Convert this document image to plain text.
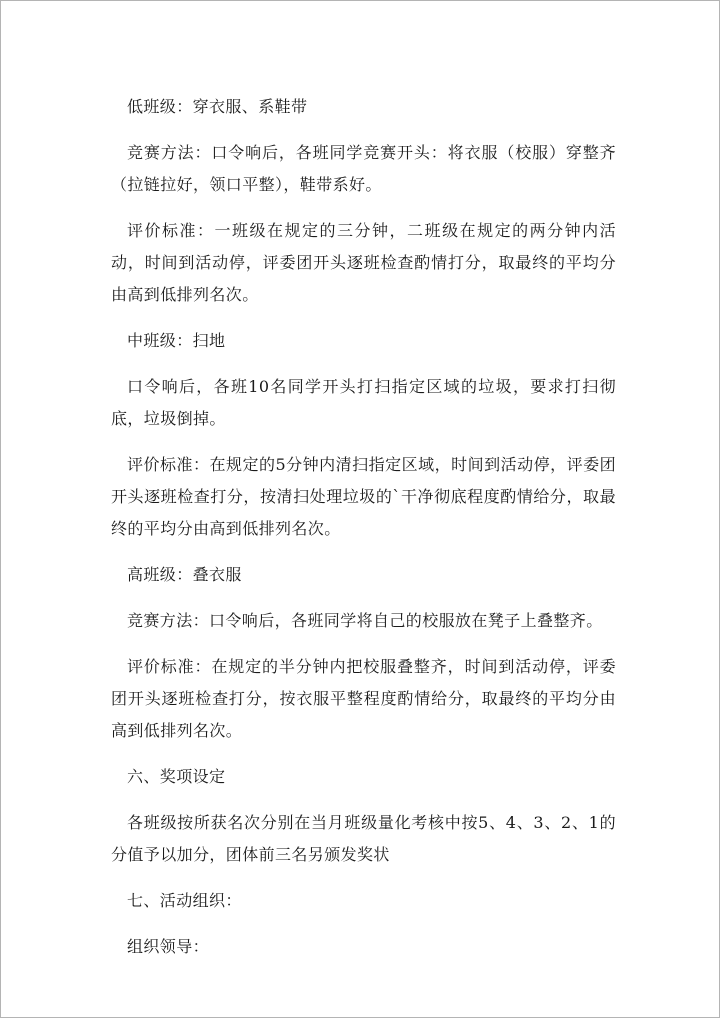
低班级：穿衣服、系鞋带

竞赛方法：口令响后，各班同学竞赛开头：将衣服（校服）穿整齐（拉链拉好，领口平整），鞋带系好。

评价标准：一班级在规定的三分钟，二班级在规定的两分钟内活动，时间到活动停，评委团开头逐班检查酌情打分，取最终的平均分由高到低排列名次。

中班级：扫地

口令响后，各班10名同学开头打扫指定区域的垃圾，要求打扫彻底，垃圾倒掉。

评价标准：在规定的5分钟内清扫指定区域，时间到活动停，评委团开头逐班检查打分，按清扫处理垃圾的`干净彻底程度酌情给分，取最终的平均分由高到低排列名次。

高班级：叠衣服

竞赛方法：口令响后，各班同学将自己的校服放在凳子上叠整齐。

评价标准：在规定的半分钟内把校服叠整齐，时间到活动停，评委团开头逐班检查打分，按衣服平整程度酌情给分，取最终的平均分由高到低排列名次。

六、奖项设定

各班级按所获名次分别在当月班级量化考核中按5、4、3、2、1的分值予以加分，团体前三名另颁发奖状

七、活动组织：

组织领导：
